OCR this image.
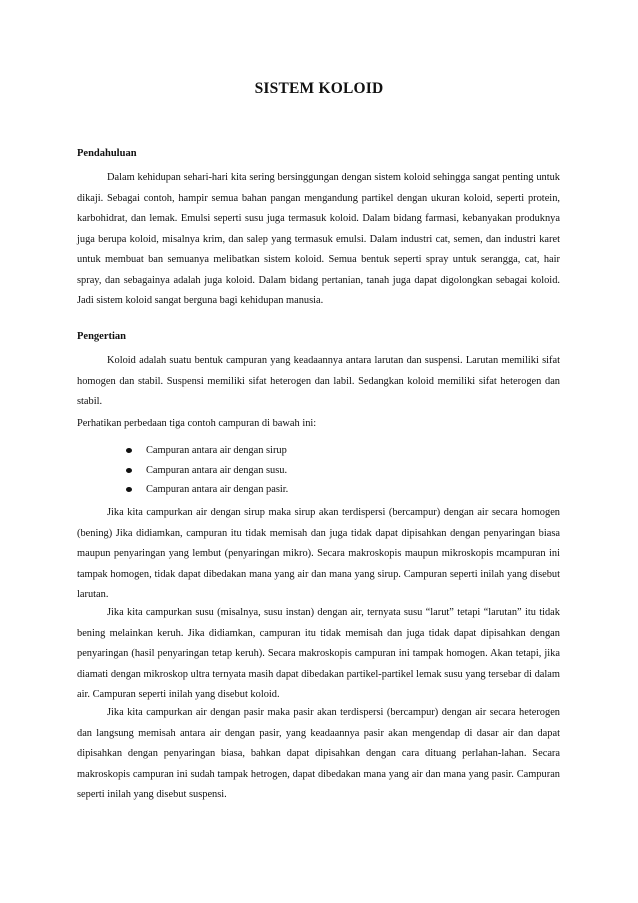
SISTEM KOLOID
Pendahuluan

Dalam kehidupan sehari-hari kita sering bersinggungan dengan sistem koloid sehingga sangat penting untuk dikaji. Sebagai contoh, hampir semua bahan pangan mengandung partikel dengan ukuran koloid, seperti protein, karbohidrat, dan lemak. Emulsi seperti susu juga termasuk koloid. Dalam bidang farmasi, kebanyakan produknya juga berupa koloid, misalnya krim, dan salep yang termasuk emulsi. Dalam industri cat, semen, dan industri karet untuk membuat ban semuanya melibatkan sistem koloid. Semua bentuk seperti spray untuk serangga, cat, hair spray, dan sebagainya adalah juga koloid. Dalam bidang pertanian, tanah juga dapat digolongkan sebagai koloid. Jadi sistem koloid sangat berguna bagi kehidupan manusia.

Pengertian

Koloid adalah suatu bentuk campuran yang keadaannya antara larutan dan suspensi. Larutan memiliki sifat homogen dan stabil. Suspensi memiliki sifat heterogen dan labil. Sedangkan koloid memiliki sifat heterogen dan stabil.

Perhatikan perbedaan tiga contoh campuran di bawah ini:

Campuran antara air dengan sirup
Campuran antara air dengan susu.
Campuran antara air dengan pasir.

Jika kita campurkan air dengan sirup maka sirup akan terdispersi (bercampur) dengan air secara homogen (bening) Jika didiamkan, campuran itu tidak memisah dan juga tidak dapat dipisahkan dengan penyaringan biasa maupun penyaringan yang lembut (penyaringan mikro). Secara makroskopis maupun mikroskopis mcampuran ini tampak homogen, tidak dapat dibedakan mana yang air dan mana yang sirup. Campuran seperti inilah yang disebut larutan.

Jika kita campurkan susu (misalnya, susu instan) dengan air, ternyata susu “larut” tetapi “larutan” itu tidak bening melainkan keruh. Jika didiamkan, campuran itu tidak memisah dan juga tidak dapat dipisahkan dengan penyaringan (hasil penyaringan tetap keruh). Secara makroskopis campuran ini tampak homogen. Akan tetapi, jika diamati dengan mikroskop ultra ternyata masih dapat dibedakan partikel-partikel lemak susu yang tersebar di dalam air. Campuran seperti inilah yang disebut koloid.

Jika kita campurkan air dengan pasir maka pasir akan terdispersi (bercampur) dengan air secara heterogen dan langsung memisah antara air dengan pasir, yang keadaannya pasir akan mengendap di dasar air dan dapat dipisahkan dengan penyaringan biasa, bahkan dapat dipisahkan dengan cara dituang perlahan-lahan. Secara makroskopis campuran ini sudah tampak hetrogen, dapat dibedakan mana yang air dan mana yang pasir. Campuran seperti inilah yang disebut suspensi.
